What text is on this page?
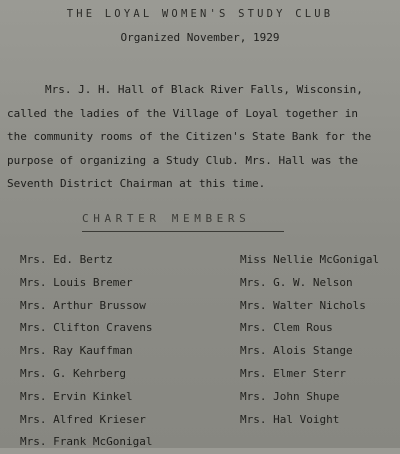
THE LOYAL WOMEN'S STUDY CLUB
Organized November, 1929
Mrs. J. H. Hall of Black River Falls, Wisconsin,
called the ladies of the Village of Loyal together in
the community rooms of the Citizen's State Bank for the
purpose of organizing a Study Club. Mrs. Hall was the
Seventh District Chairman at this time.
CHARTER MEMBERS
Mrs. Ed. Bertz
Mrs. Louis Bremer
Mrs. Arthur Brussow
Mrs. Clifton Cravens
Mrs. Ray Kauffman
Mrs. G. Kehrberg
Mrs. Ervin Kinkel
Mrs. Alfred Krieser
Mrs. Frank McGonigal
Miss Nellie McGonigal
Mrs. G. W. Nelson
Mrs. Walter Nichols
Mrs. Clem Rous
Mrs. Alois Stange
Mrs. Elmer Sterr
Mrs. John Shupe
Mrs. Hal Voight
